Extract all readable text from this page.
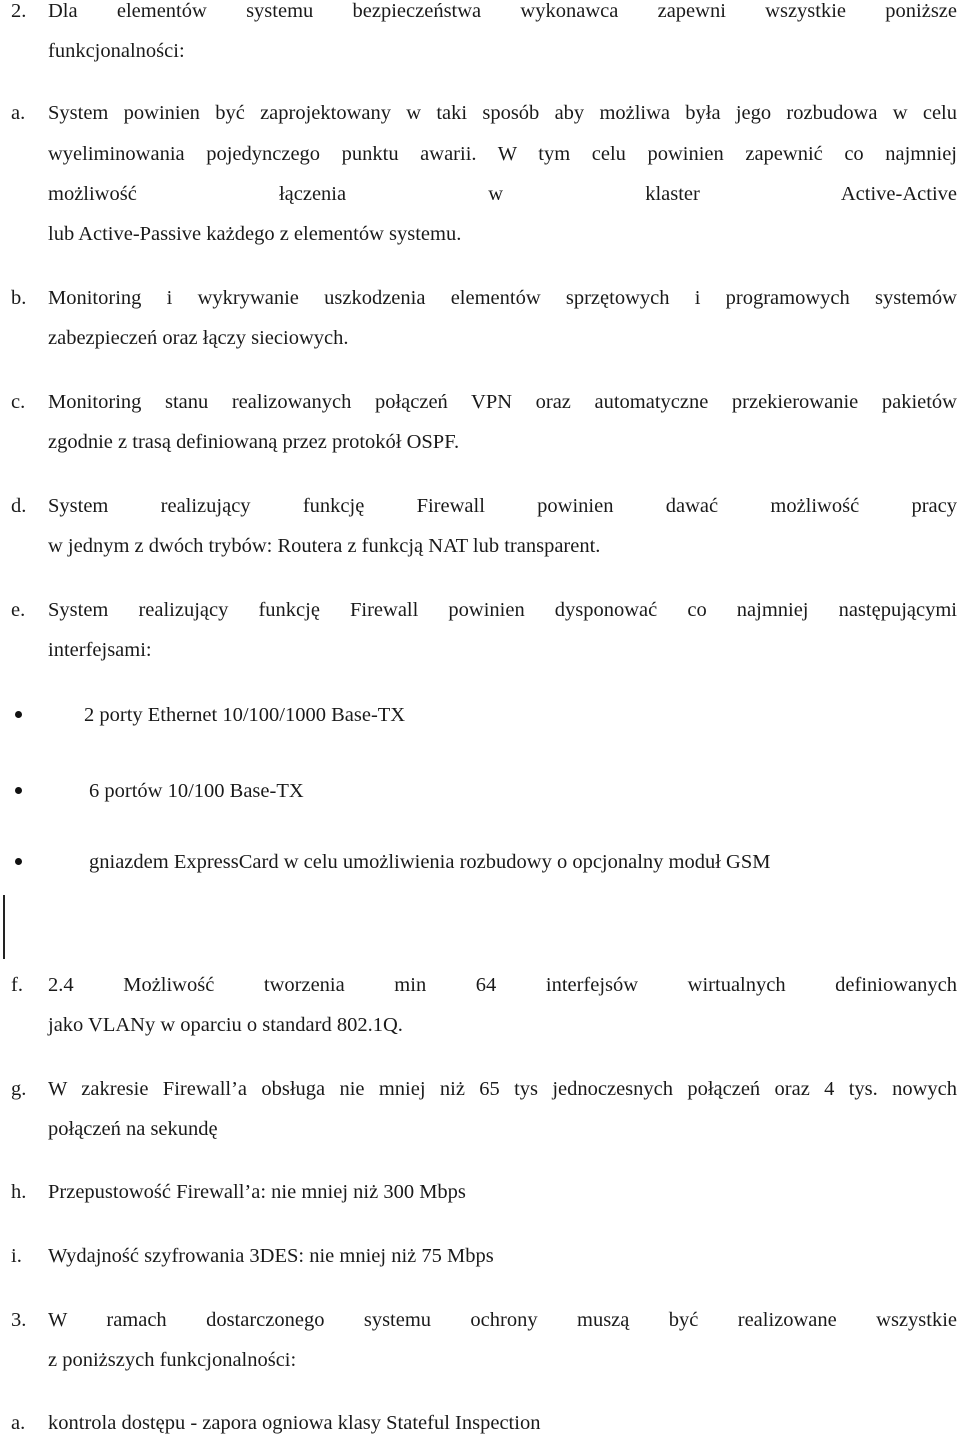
2. Dla elementów systemu bezpieczeństwa wykonawca zapewni wszystkie poniższe
funkcjonalności:
a. System powinien być zaprojektowany w taki sposób aby możliwa była jego rozbudowa w celu
wyeliminowania pojedynczego punktu awarii. W tym celu powinien zapewnić co najmniej
możliwość łączenia w klaster Active-Active
lub Active-Passive każdego z elementów systemu.
b. Monitoring i wykrywanie uszkodzenia elementów sprzętowych i programowych systemów
zabezpieczeń oraz łączy sieciowych.
c. Monitoring stanu realizowanych połączeń VPN oraz automatyczne przekierowanie pakietów
zgodnie z trasą definiowaną przez protokół OSPF.
d. System realizujący funkcję Firewall powinien dawać możliwość pracy
w jednym z dwóch trybów: Routera z funkcją NAT lub transparent.
e. System realizujący funkcję Firewall powinien dysponować co najmniej następującymi
interfejsami:
2 porty Ethernet 10/100/1000 Base-TX
6 portów 10/100 Base-TX
gniazdem ExpressCard w celu umożliwienia rozbudowy o opcjonalny moduł GSM
f. 2.4 Możliwość tworzenia min 64 interfejsów wirtualnych definiowanych
jako VLANy w oparciu o standard 802.1Q.
g. W zakresie Firewall’a obsługa nie mniej niż 65 tys jednoczesnych połączeń oraz 4 tys. nowych
połączeń na sekundę
h. Przepustowość Firewall’a: nie mniej niż 300 Mbps
i. Wydajność szyfrowania 3DES: nie mniej niż 75 Mbps
3. W ramach dostarczonego systemu ochrony muszą być realizowane wszystkie
z poniższych funkcjonalności:
a. kontrola dostępu - zapora ogniowa klasy Stateful Inspection
